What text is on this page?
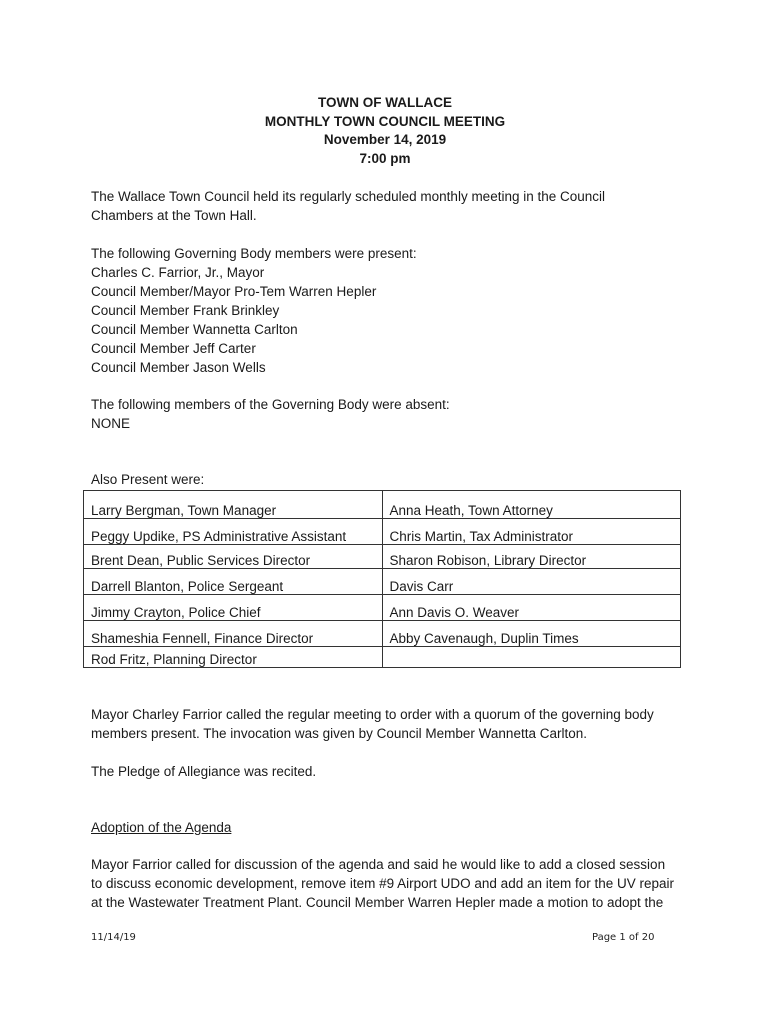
TOWN OF WALLACE
MONTHLY TOWN COUNCIL MEETING
November 14, 2019
7:00 pm
The Wallace Town Council held its regularly scheduled monthly meeting in the Council
Chambers at the Town Hall.
The following Governing Body members were present:
Charles C. Farrior, Jr., Mayor
Council Member/Mayor Pro-Tem Warren Hepler
Council Member Frank Brinkley
Council Member Wannetta Carlton
Council Member Jeff Carter
Council Member Jason Wells
The following members of the Governing Body were absent:
NONE
Also Present were:
Larry Bergman, Town Manager	Anna Heath, Town Attorney
Peggy Updike, PS Administrative Assistant	Chris Martin, Tax Administrator
Brent Dean, Public Services Director	Sharon Robison, Library Director
Darrell Blanton, Police Sergeant	Davis Carr
Jimmy Crayton, Police Chief	Ann Davis O. Weaver
Shameshia Fennell, Finance Director	Abby Cavenaugh, Duplin Times
Rod Fritz, Planning Director	
Mayor Charley Farrior called the regular meeting to order with a quorum of the governing body
members present. The invocation was given by Council Member Wannetta Carlton.
The Pledge of Allegiance was recited.
Adoption of the Agenda
Mayor Farrior called for discussion of the agenda and said he would like to add a closed session
to discuss economic development, remove item #9 Airport UDO and add an item for the UV repair
at the Wastewater Treatment Plant. Council Member Warren Hepler made a motion to adopt the
11/14/19	Page 1 of 20
